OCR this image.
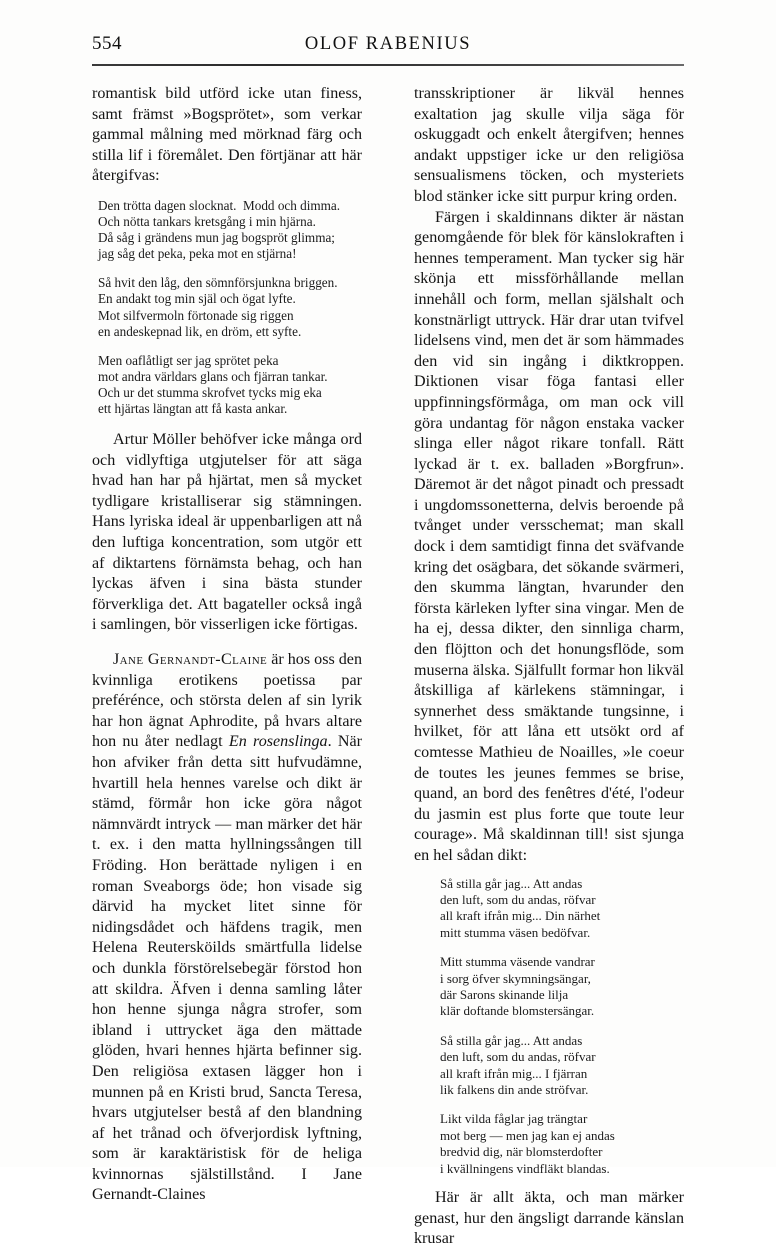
554	OLOF RABENIUS

romantisk bild utförd icke utan finess, samt främst »Bogsprötet», som verkar gammal målning med mörknad färg och stilla lif i föremålet. Den förtjänar att här återgifvas:

Den trötta dagen slocknat.  Modd och dimma.
Och nötta tankars kretsgång i min hjärna.
Då såg i grändens mun jag bogspröt glimma;
jag såg det peka, peka mot en stjärna!
Så hvit den låg, den sömnförsjunkna briggen.
En andakt tog min själ och ögat lyfte.
Mot silfvermoln förtonade sig riggen
en andeskepnad lik, en dröm, ett syfte.
Men oaflåtligt ser jag sprötet peka
mot andra världars glans och fjärran tankar.
Och ur det stumma skrofvet tycks mig eka
ett hjärtas längtan att få kasta ankar.

Artur Möller behöfver icke många ord och vidlyftiga utgjutelser för att säga hvad han har på hjärtat, men så mycket tydligare kristalliserar sig stämningen. Hans lyriska ideal är uppenbarligen att nå den luftiga koncentration, som utgör ett af diktartens förnämsta behag, och han lyckas äfven i sina bästa stunder förverkliga det. Att bagateller också ingå i samlingen, bör visserligen icke förtigas.

Jane Gernandt-Claine är hos oss den kvinnliga erotikens poetissa par preférénce, och största delen af sin lyrik har hon ägnat Aphrodite, på hvars altare hon nu åter nedlagt En rosenslinga. När hon afviker från detta sitt hufvudämne, hvartill hela hennes varelse och dikt är stämd, förmår hon icke göra något nämnvärdt intryck — man märker det här t. ex. i den matta hyllningssången till Fröding. Hon berättade nyligen i en roman Sveaborgs öde; hon visade sig därvid ha mycket litet sinne för nidingsdådet och häfdens tragik, men Helena Reutersköilds smärtfulla lidelse och dunkla förstörelsebegär förstod hon att skildra. Äfven i denna samling låter hon henne sjunga några strofer, som ibland i uttrycket äga den mättade glöden, hvari hennes hjärta befinner sig. Den religiösa extasen lägger hon i munnen på en Kristi brud, Sancta Teresa, hvars utgjutelser bestå af den blandning af het trånad och öfverjordisk lyftning, som är karaktäristisk för de heliga kvinnornas själstillstånd. I Jane Gernandt-Claines

transskriptioner är likväl hennes exaltation jag skulle vilja säga för oskuggadt och enkelt återgifven; hennes andakt uppstiger icke ur den religiösa sensualismens töcken, och mysteriets blod stänker icke sitt purpur kring orden.

Färgen i skaldinnans dikter är nästan genomgående för blek för känslokraften i hennes temperament. Man tycker sig här skönja ett missförhållande mellan innehåll och form, mellan själshalt och konstnärligt uttryck. Här drar utan tvifvel lidelsens vind, men det är som hämmades den vid sin ingång i diktkroppen. Diktionen visar föga fantasi eller uppfinningsförmåga, om man ock vill göra undantag för någon enstaka vacker slinga eller något rikare tonfall. Rätt lyckad är t. ex. balladen »Borgfrun». Däremot är det något pinadt och pressadt i ungdomssonetterna, delvis beroende på tvånget under versschemat; man skall dock i dem samtidigt finna det sväfvande kring det osägbara, det sökande svärmeri, den skumma längtan, hvarunder den första kärleken lyfter sina vingar. Men de ha ej, dessa dikter, den sinnliga charm, den flöjtton och det honungsflöde, som muserna älska. Själfullt formar hon likväl åtskilliga af kärlekens stämningar, i synnerhet dess smäktande tungsinne, i hvilket, för att låna ett utsökt ord af comtesse Mathieu de Noailles, »le coeur de toutes les jeunes femmes se brise, quand, an bord des fenêtres d'été, l'odeur du jasmin est plus forte que toute leur courage». Må skaldinnan till! sist sjunga en hel sådan dikt:

Så stilla går jag... Att andas
den luft, som du andas, röfvar
all kraft ifrån mig... Din närhet
mitt stumma väsen bedöfvar.
Mitt stumma väsende vandrar
i sorg öfver skymningsängar,
där Sarons skinande lilja
klär doftande blomstersängar.
Så stilla går jag... Att andas
den luft, som du andas, röfvar
all kraft ifrån mig... I fjärran
lik falkens din ande ströfvar.
Likt vilda fåglar jag trängtar
mot berg — men jag kan ej andas
bredvid dig, när blomsterdofter
i kvällningens vindfläkt blandas.

Här är allt äkta, och man märker genast, hur den ängsligt darrande känslan krusar
